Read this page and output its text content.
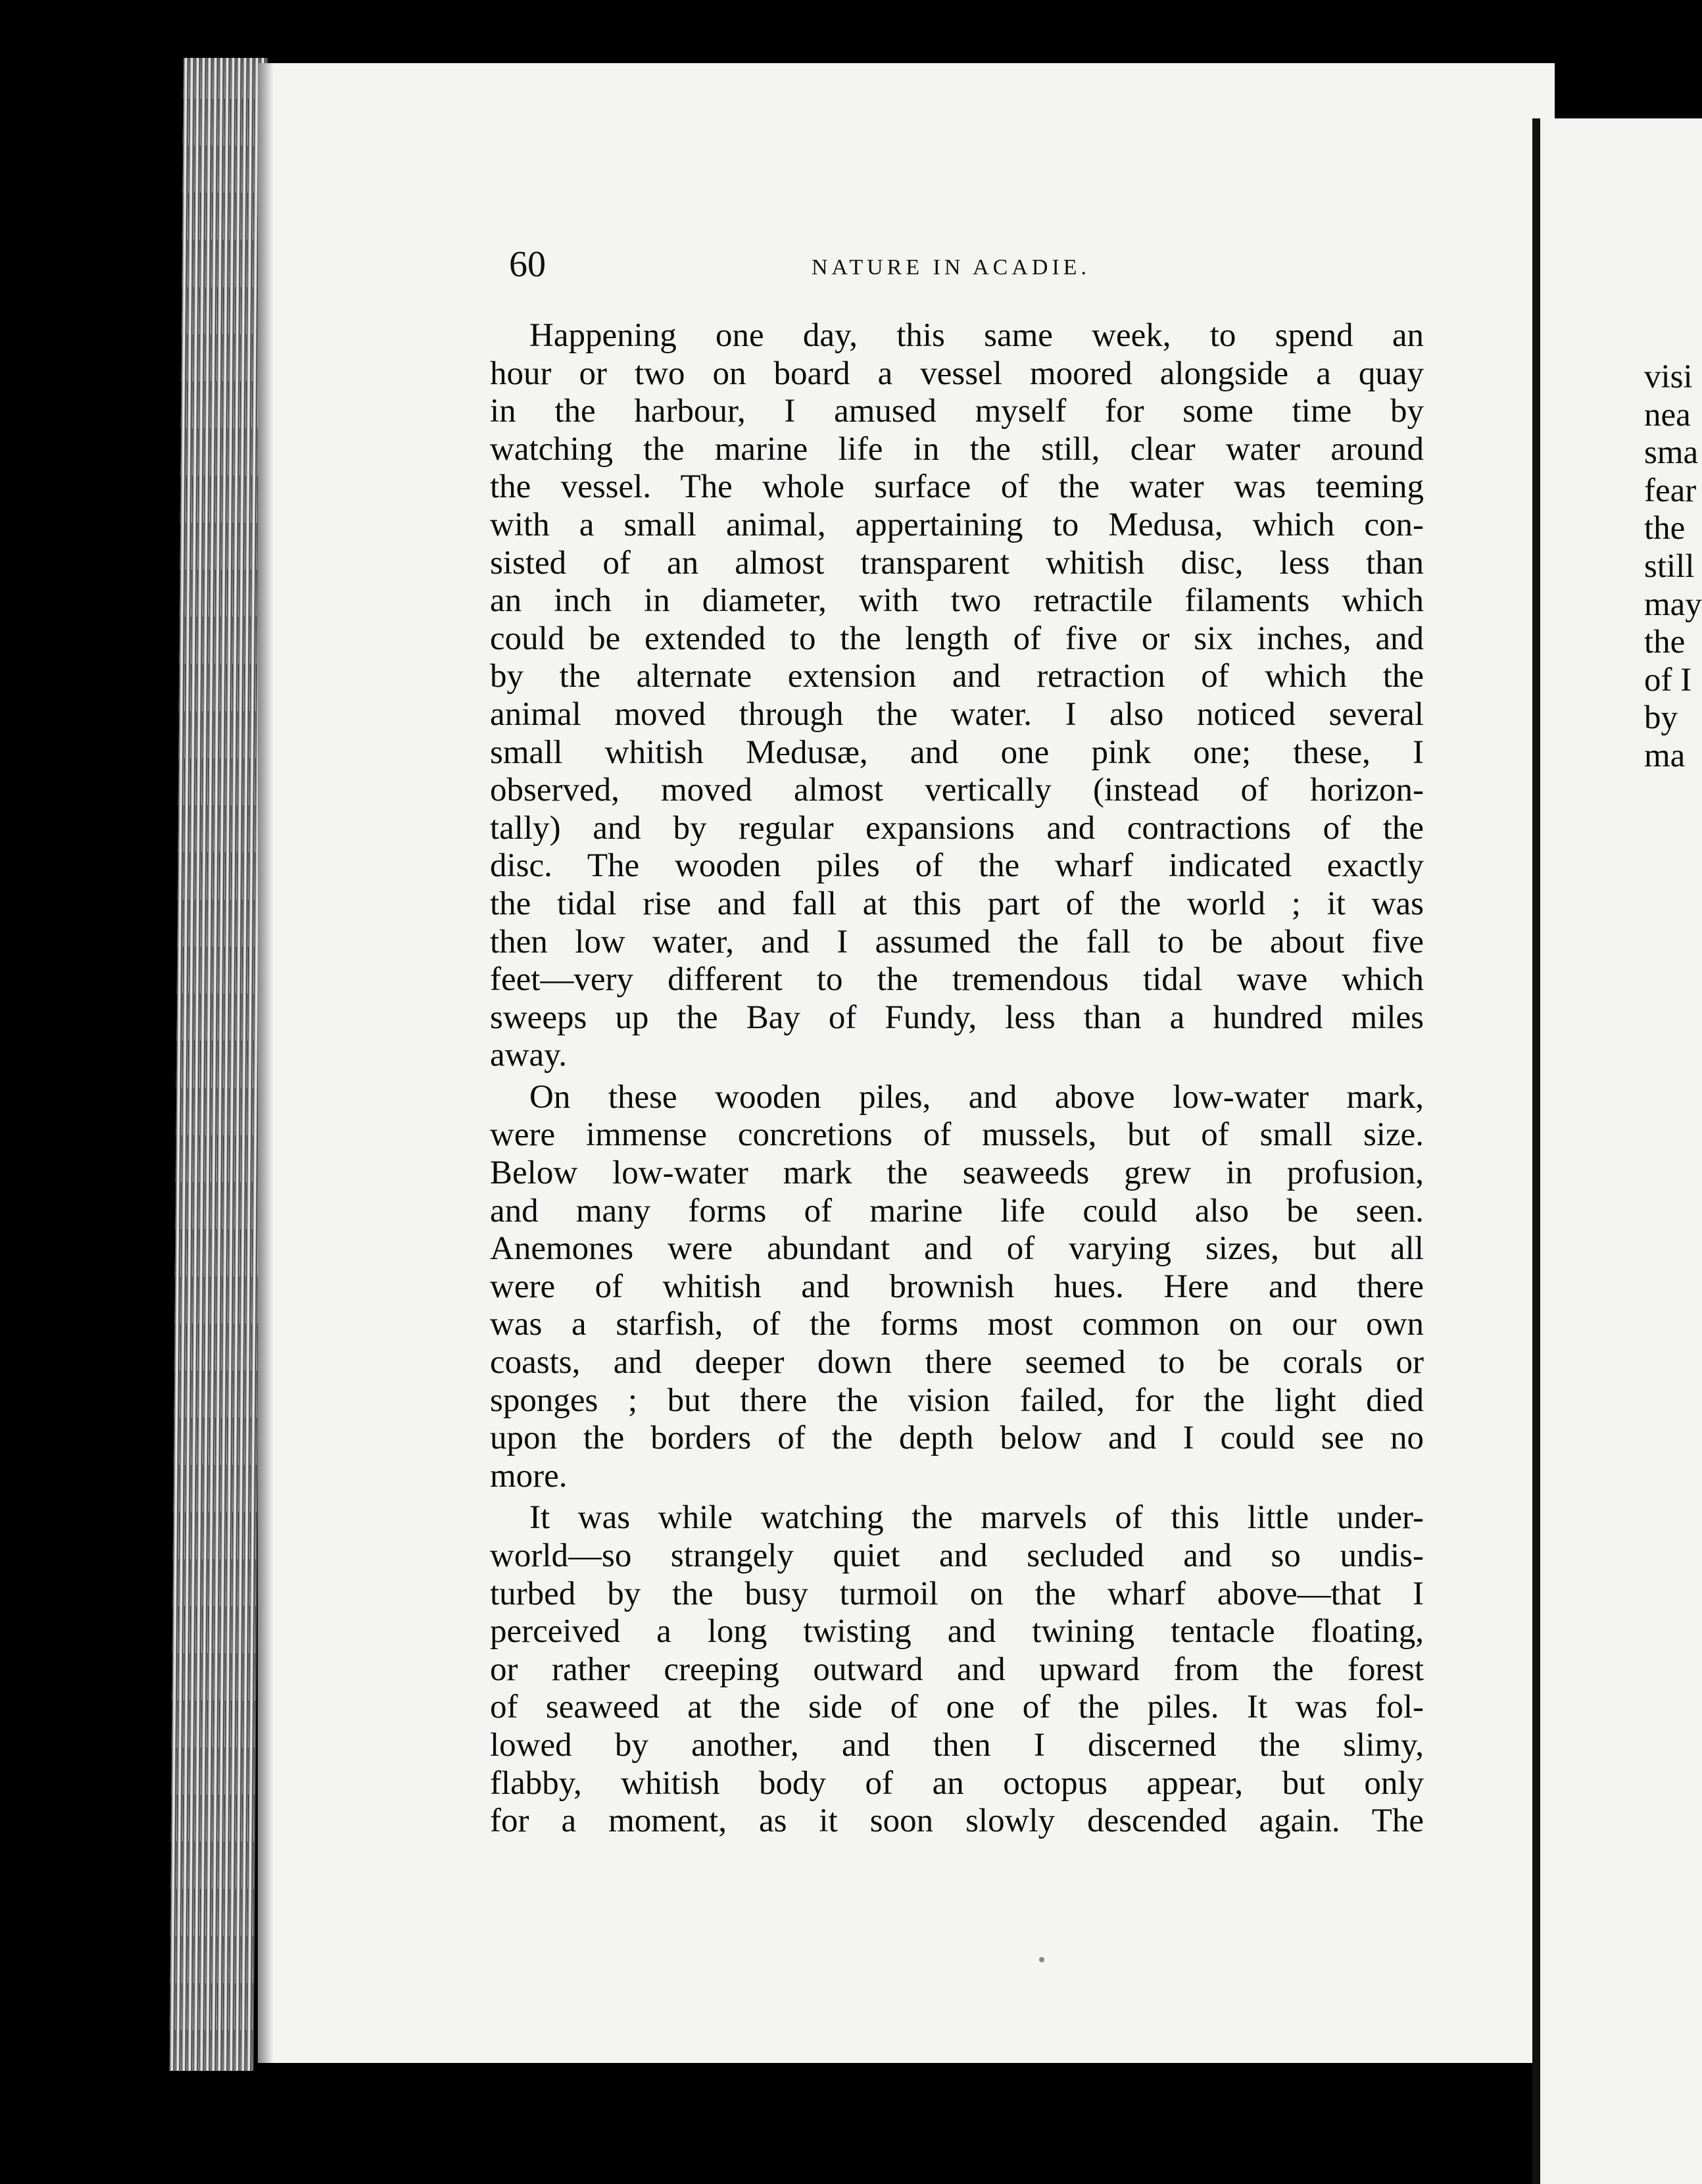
60	NATURE IN ACADIE.
Happening one day, this same week, to spend an
hour or two on board a vessel moored alongside a quay
in the harbour, I amused myself for some time by
watching the marine life in the still, clear water around
the vessel. The whole surface of the water was teeming
with a small animal, appertaining to Medusa, which con-
sisted of an almost transparent whitish disc, less than
an inch in diameter, with two retractile filaments which
could be extended to the length of five or six inches, and
by the alternate extension and retraction of which the
animal moved through the water. I also noticed several
small whitish Medusæ, and one pink one; these, I
observed, moved almost vertically (instead of horizon-
tally) and by regular expansions and contractions of the
disc. The wooden piles of the wharf indicated exactly
the tidal rise and fall at this part of the world ; it was
then low water, and I assumed the fall to be about five
feet—very different to the tremendous tidal wave which
sweeps up the Bay of Fundy, less than a hundred miles
away.
On these wooden piles, and above low-water mark,
were immense concretions of mussels, but of small size.
Below low-water mark the seaweeds grew in profusion,
and many forms of marine life could also be seen.
Anemones were abundant and of varying sizes, but all
were of whitish and brownish hues. Here and there
was a starfish, of the forms most common on our own
coasts, and deeper down there seemed to be corals or
sponges ; but there the vision failed, for the light died
upon the borders of the depth below and I could see no
more.
It was while watching the marvels of this little under-
world—so strangely quiet and secluded and so undis-
turbed by the busy turmoil on the wharf above—that I
perceived a long twisting and twining tentacle floating,
or rather creeping outward and upward from the forest
of seaweed at the side of one of the piles. It was fol-
lowed by another, and then I discerned the slimy,
flabby, whitish body of an octopus appear, but only
for a moment, as it soon slowly descended again. The
visi
nea
sma
fear
the
still
may
the
of I
by
ma
